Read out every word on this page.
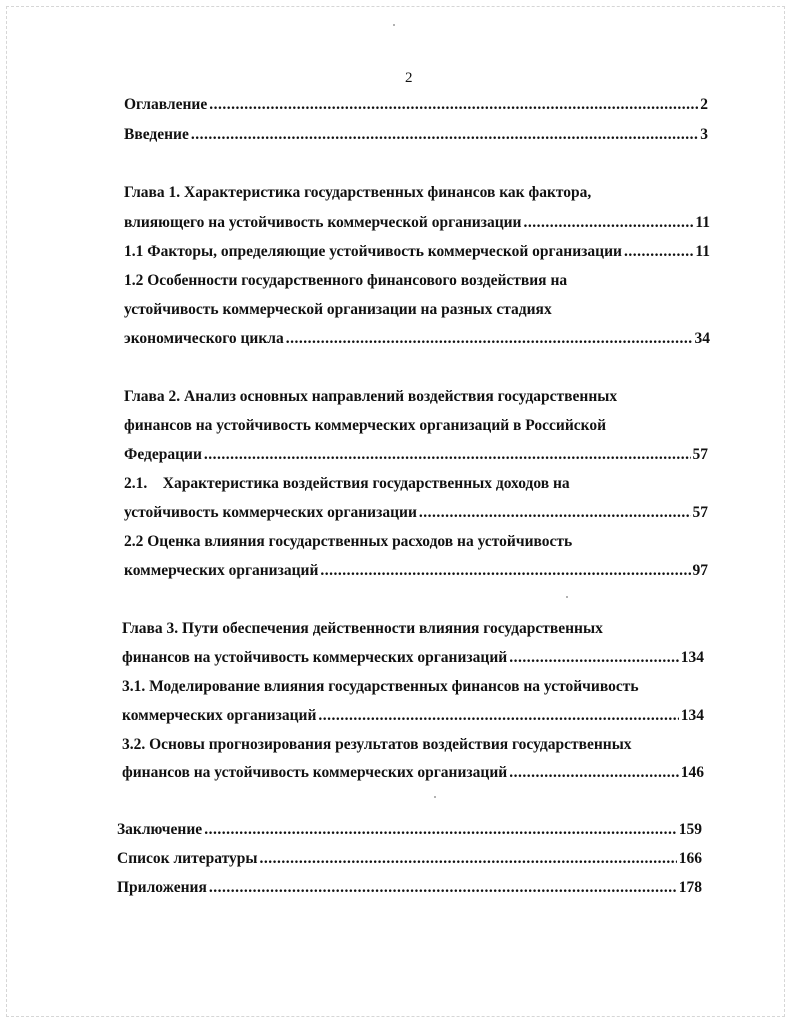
2
Оглавление .....	2
Введение .....	3
Глава 1. Характеристика государственных финансов как фактора,
влияющего на устойчивость коммерческой организации .....	11
1.1 Факторы, определяющие устойчивость коммерческой организации .....	11
1.2 Особенности государственного финансового воздействия на
устойчивость коммерческой организации на разных стадиях
экономического цикла .....	34
Глава 2. Анализ основных направлений воздействия государственных
финансов на устойчивость коммерческих организаций в Российской
Федерации .....	57
2.1.    Характеристика воздействия государственных доходов на
устойчивость коммерческих организации .....	57
2.2 Оценка влияния государственных расходов на устойчивость
коммерческих организаций .....	97
Глава 3. Пути обеспечения действенности влияния государственных
финансов на устойчивость коммерческих организаций .....	134
3.1. Моделирование влияния государственных финансов на устойчивость
коммерческих организаций .....	134
3.2. Основы прогнозирования результатов воздействия государственных
финансов на устойчивость коммерческих организаций .....	146
Заключение .....	159
Список литературы .....	166
Приложения .....	178
